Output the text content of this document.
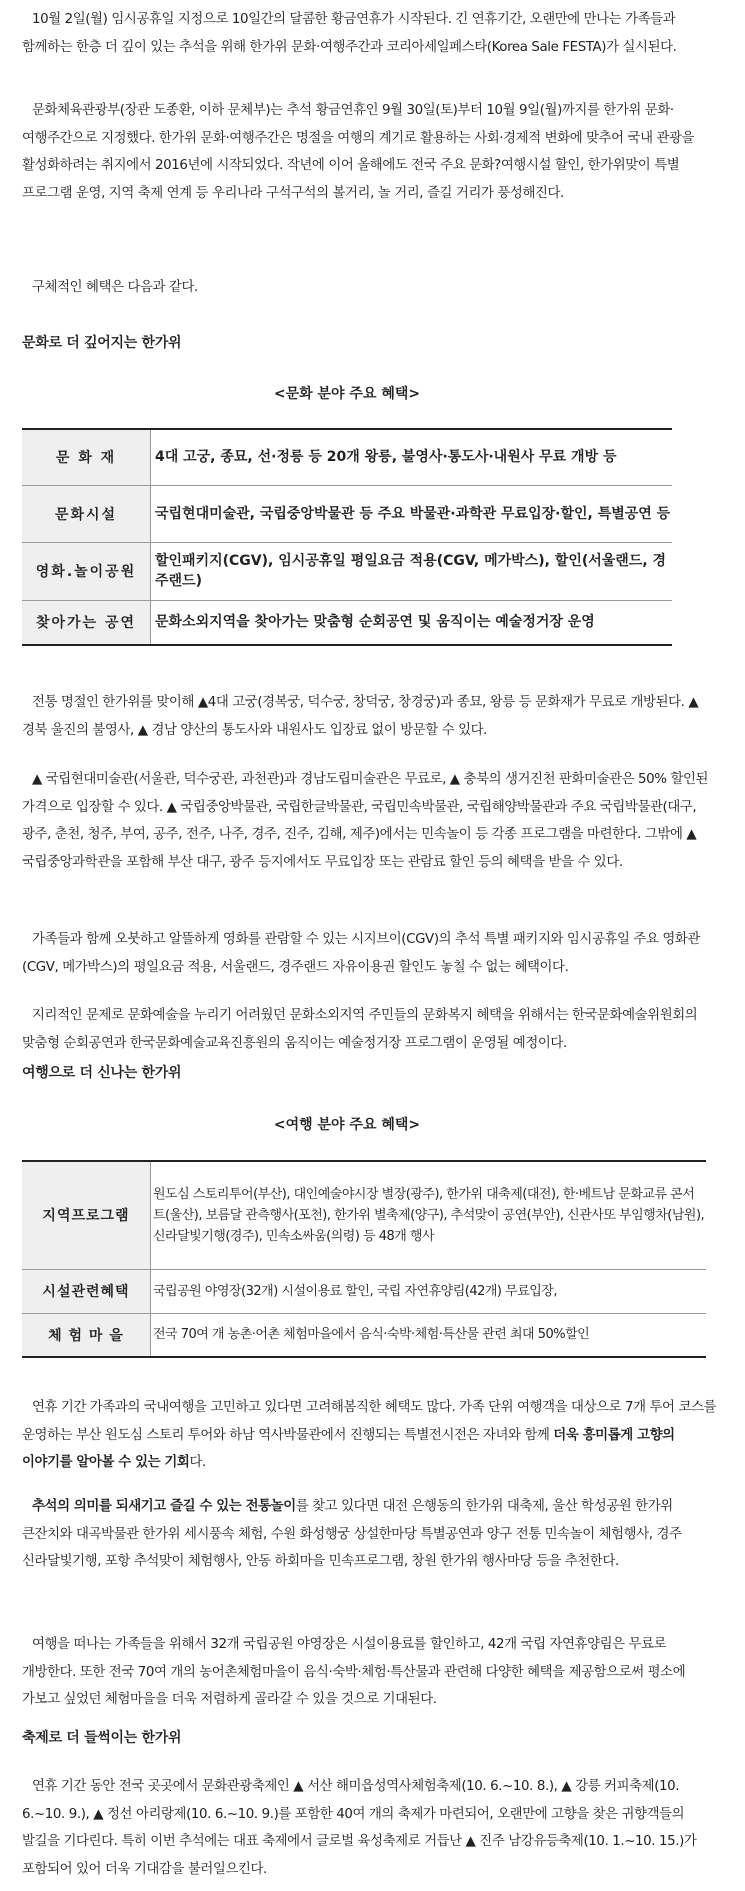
10월 2일(월) 임시공휴일 지정으로 10일간의 달콤한 황금연휴가 시작된다. 긴 연휴기간, 오랜만에 만나는 가족들과 함께하는 한층 더 깊이 있는 추석을 위해 한가위 문화·여행주간과 코리아세일페스타(Korea Sale FESTA)가 실시된다.

문화체육관광부(장관 도종환, 이하 문체부)는 추석 황금연휴인 9월 30일(토)부터 10월 9일(월)까지를 한가위 문화·여행주간으로 지정했다. 한가위 문화·여행주간은 명절을 여행의 계기로 활용하는 사회·경제적 변화에 맞추어 국내 관광을 활성화하려는 취지에서 2016년에 시작되었다. 작년에 이어 올해에도 전국 주요 문화?여행시설 할인, 한가위맞이 특별 프로그램 운영, 지역 축제 연계 등 우리나라 구석구석의 볼거리, 놀 거리, 즐길 거리가 풍성해진다.

구체적인 혜택은 다음과 같다.

문화로 더 깊어지는 한가위

<문화 분야 주요 혜택>

문 화 재	4대 고궁, 종묘, 선·정릉 등 20개 왕릉, 불영사·통도사·내원사 무료 개방 등
문화시설	국립현대미술관, 국립중앙박물관 등 주요 박물관·과학관 무료입장·할인, 특별공연 등
영화.놀이공원	할인패키지(CGV), 임시공휴일 평일요금 적용(CGV, 메가박스), 할인(서울랜드, 경주랜드)
찾아가는 공연	문화소외지역을 찾아가는 맞춤형 순회공연 및 움직이는 예술정거장 운영

전통 명절인 한가위를 맞이해 ▲4대 고궁(경복궁, 덕수궁, 창덕궁, 창경궁)과 종묘, 왕릉 등 문화재가 무료로 개방된다. ▲ 경북 울진의 불영사, ▲ 경남 양산의 통도사와 내원사도 입장료 없이 방문할 수 있다.

▲ 국립현대미술관(서울관, 덕수궁관, 과천관)과 경남도립미술관은 무료로, ▲ 충북의 생거진천 판화미술관은 50% 할인된 가격으로 입장할 수 있다. ▲ 국립중앙박물관, 국립한글박물관, 국립민속박물관, 국립해양박물관과 주요 국립박물관(대구, 광주, 춘천, 청주, 부여, 공주, 전주, 나주, 경주, 진주, 김해, 제주)에서는 민속놀이 등 각종 프로그램을 마련한다. 그밖에 ▲ 국립중앙과학관을 포함해 부산 대구, 광주 등지에서도 무료입장 또는 관람료 할인 등의 혜택을 받을 수 있다.

가족들과 함께 오붓하고 알뜰하게 영화를 관람할 수 있는 시지브이(CGV)의 추석 특별 패키지와 임시공휴일 주요 영화관(CGV, 메가박스)의 평일요금 적용, 서울랜드, 경주랜드 자유이용권 할인도 놓칠 수 없는 혜택이다.

지리적인 문제로 문화예술을 누리기 어려웠던 문화소외지역 주민들의 문화복지 혜택을 위해서는 한국문화예술위원회의 맞춤형 순회공연과 한국문화예술교육진흥원의 움직이는 예술정거장 프로그램이 운영될 예정이다.

여행으로 더 신나는 한가위

<여행 분야 주요 혜택>

지역프로그램	원도심 스토리투어(부산), 대인예술야시장 별장(광주), 한가위 대축제(대전), 한·베트남 문화교류 콘서트(울산), 보름달 관측행사(포천), 한가위 별축제(양구), 추석맞이 공연(부안), 신관사또 부임행차(남원), 신라달빛기행(경주), 민속소싸움(의령) 등 48개 행사
시설관련혜택	국립공원 야영장(32개) 시설이용료 할인, 국립 자연휴양림(42개) 무료입장,
체 험 마 을	전국 70여 개 농촌·어촌 체험마을에서 음식·숙박·체험·특산물 관련 최대 50%할인

연휴 기간 가족과의 국내여행을 고민하고 있다면 고려해봄직한 혜택도 많다. 가족 단위 여행객을 대상으로 7개 투어 코스를 운영하는 부산 원도심 스토리 투어와 하남 역사박물관에서 진행되는 특별전시전은 자녀와 함께 더욱 흥미롭게 고향의 이야기를 알아볼 수 있는 기회다.

추석의 의미를 되새기고 즐길 수 있는 전통놀이를 찾고 있다면 대전 은행동의 한가위 대축제, 울산 학성공원 한가위 큰잔치와 대곡박물관 한가위 세시풍속 체험, 수원 화성행궁 상설한마당 특별공연과 양구 전통 민속놀이 체험행사, 경주 신라달빛기행, 포항 추석맞이 체험행사, 안동 하회마을 민속프로그램, 창원 한가위 행사마당 등을 추천한다.

여행을 떠나는 가족들을 위해서 32개 국립공원 야영장은 시설이용료를 할인하고, 42개 국립 자연휴양림은 무료로 개방한다. 또한 전국 70여 개의 농어촌체험마을이 음식·숙박·체험·특산물과 관련해 다양한 혜택을 제공함으로써 평소에 가보고 싶었던 체험마을을 더욱 저렴하게 골라갈 수 있을 것으로 기대된다.

축제로 더 들썩이는 한가위

연휴 기간 동안 전국 곳곳에서 문화관광축제인 ▲ 서산 해미읍성역사체험축제(10. 6.~10. 8.), ▲ 강릉 커피축제(10. 6.~10. 9.), ▲ 정선 아리랑제(10. 6.~10. 9.)를 포함한 40여 개의 축제가 마련되어, 오랜만에 고향을 찾은 귀향객들의 발길을 기다린다. 특히 이번 추석에는 대표 축제에서 글로벌 육성축제로 거듭난 ▲ 진주 남강유등축제(10. 1.~10. 15.)가 포함되어 있어 더욱 기대감을 불러일으킨다.
